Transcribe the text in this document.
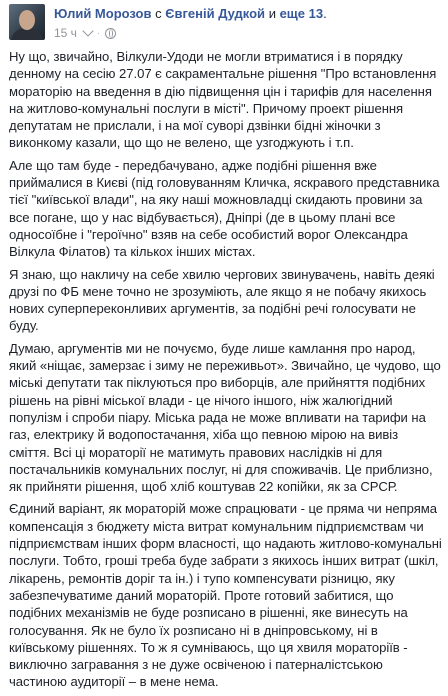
Юлий Морозов с Євгеній Дудкой и еще 13.
15 ч	·

Ну що, звичайно, Вілкули-Удоди не могли втриматися і в порядку денному на сесію 27.07 є сакраментальне рішення "Про встановлення мораторію на введення в дію підвищення цін і тарифів для населення на житлово-комунальні послуги в місті". Причому проект рішення депутатам не прислали, і на мої суворі дзвінки бідні жіночки з виконкому казали, що що не велено, ще узгоджують і т.п.

Але що там буде - передбачувано, адже подібні рішення вже приймалися в Києві (під головуванням Кличка, яскравого представника тієї "київської влади", на яку наші можновладці скидають провини за все погане, що у нас відбувається), Дніпрі (де в цьому плані все односоїбне і "героїчно" взяв на себе особистий ворог Олександра Вілкула Філатов) та кількох інших містах.

Я знаю, що накличу на себе хвилю чергових звинувачень, навіть деякі друзі по ФБ мене точно не зрозуміють, але якщо я не побачу якихось нових суперпереконливих аргументів, за подібні речі голосувати не буду.

Думаю, аргументів ми не почуємо, буде лише камлання про народ, який «ніщає, замерзає і зиму не переживьот». Звичайно, це чудово, що міські депутати так піклуються про виборців, але прийняття подібних рішень на рівні міської влади - це нічого іншого, ніж жалюгідний популізм і спроби піару. Міська рада не може впливати на тарифи на газ, електрику й водопостачання, хіба що певною мірою на вивіз сміття. Всі ці мораторії не матимуть правових наслідків ні для постачальників комунальних послуг, ні для споживачів. Це приблизно, як прийняти рішення, щоб хліб коштував 22 копійки, як за СРСР.

Єдиний варіант, як мораторій може спрацювати - це пряма чи непряма компенсація з бюджету міста витрат комунальним підприємствам чи підприємствам інших форм власності, що надають житлово-комунальні послуги. Тобто, гроші треба буде забрати з якихось інших витрат (шкіл, лікарень, ремонтів доріг та ін.) і тупо компенсувати різницю, яку забезпечуватиме даний мораторій. Проте готовий забитися, що подібних механізмів не буде розписано в рішенні, яке винесуть на голосування. Як не було їх розписано ні в дніпровському, ні в київському рішеннях. То ж я сумніваюсь, що ця хвиля мораторіїв - виключно загравання з не дуже освіченою і патерналістською частиною аудиторії – в мене нема.
